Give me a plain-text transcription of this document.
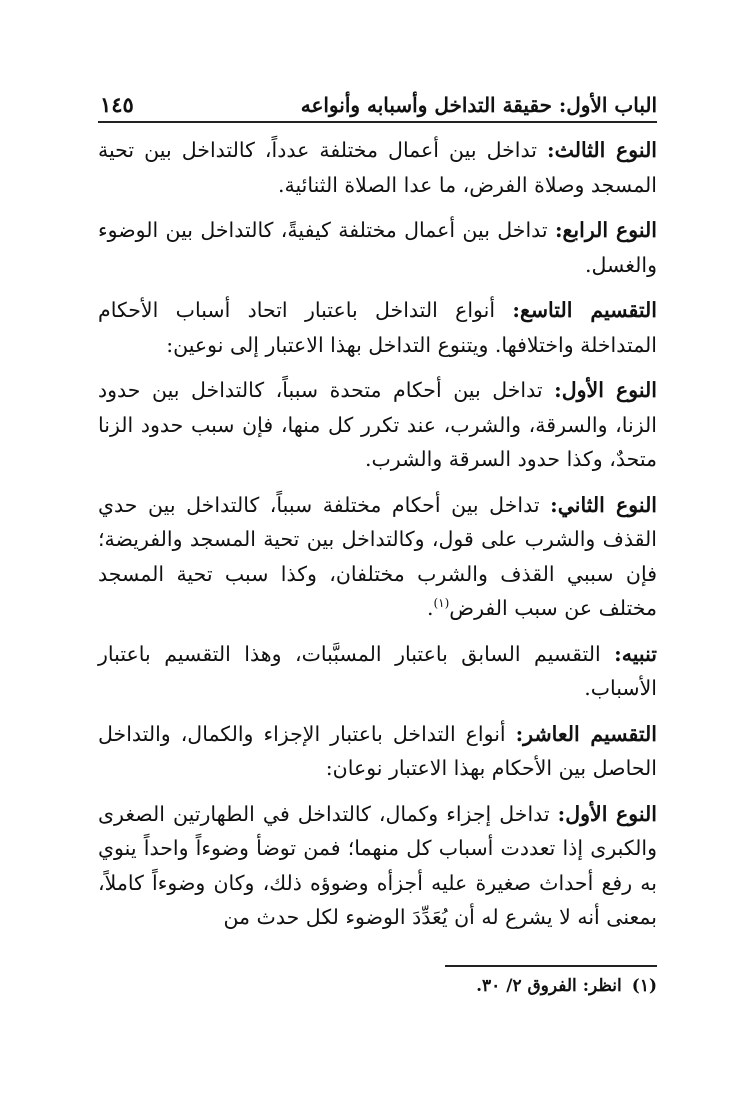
الباب الأول: حقيقة التداخل وأسبابه وأنواعه
١٤٥

النوع الثالث: تداخل بين أعمال مختلفة عدداً، كالتداخل بين تحية المسجد وصلاة الفرض، ما عدا الصلاة الثنائية.

النوع الرابع: تداخل بين أعمال مختلفة كيفيةً، كالتداخل بين الوضوء والغسل.

التقسيم التاسع: أنواع التداخل باعتبار اتحاد أسباب الأحكام المتداخلة واختلافها. ويتنوع التداخل بهذا الاعتبار إلى نوعين:

النوع الأول: تداخل بين أحكام متحدة سبباً، كالتداخل بين حدود الزنا، والسرقة، والشرب، عند تكرر كل منها، فإن سبب حدود الزنا متحدٌ، وكذا حدود السرقة والشرب.

النوع الثاني: تداخل بين أحكام مختلفة سبباً، كالتداخل بين حدي القذف والشرب على قول، وكالتداخل بين تحية المسجد والفريضة؛ فإن سببي القذف والشرب مختلفان، وكذا سبب تحية المسجد مختلف عن سبب الفرض$^{(١)}$.

تنبيه: التقسيم السابق باعتبار المسبَّبات، وهذا التقسيم باعتبار الأسباب.

التقسيم العاشر: أنواع التداخل باعتبار الإجزاء والكمال، والتداخل الحاصل بين الأحكام بهذا الاعتبار نوعان:

النوع الأول: تداخل إجزاء وكمال، كالتداخل في الطهارتين الصغرى والكبرى إذا تعددت أسباب كل منهما؛ فمن توضأ وضوءاً واحداً ينوي به رفع أحداث صغيرة عليه أجزأه وضوؤه ذلك، وكان وضوءاً كاملاً، بمعنى أنه لا يشرع له أن يُعَدِّدَ الوضوء لكل حدث من

(١)انظر: الفروق ٢/ ٣٠.
